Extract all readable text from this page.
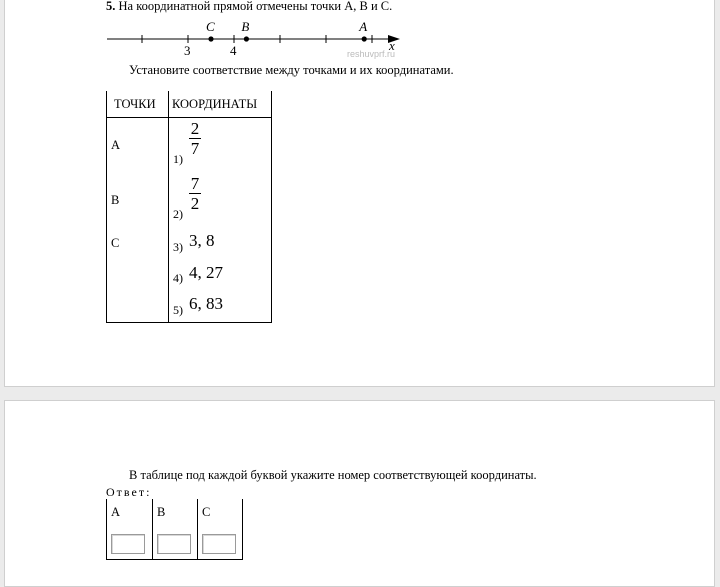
5. На координатной прямой отмечены точки A, B и C.
3	4	x
reshuvprf.ru
C B	A
Установите соответствие между точками и их координатами.
ТОЧКИ	КООРДИНАТЫ
A	1)
2
7

B	2)
7
2

C	3) 3, 8

	4) 4, 27

	5) 6, 83
В таблице под каждой буквой укажите номер соответствующей координаты.
Ответ:
A	B	C
